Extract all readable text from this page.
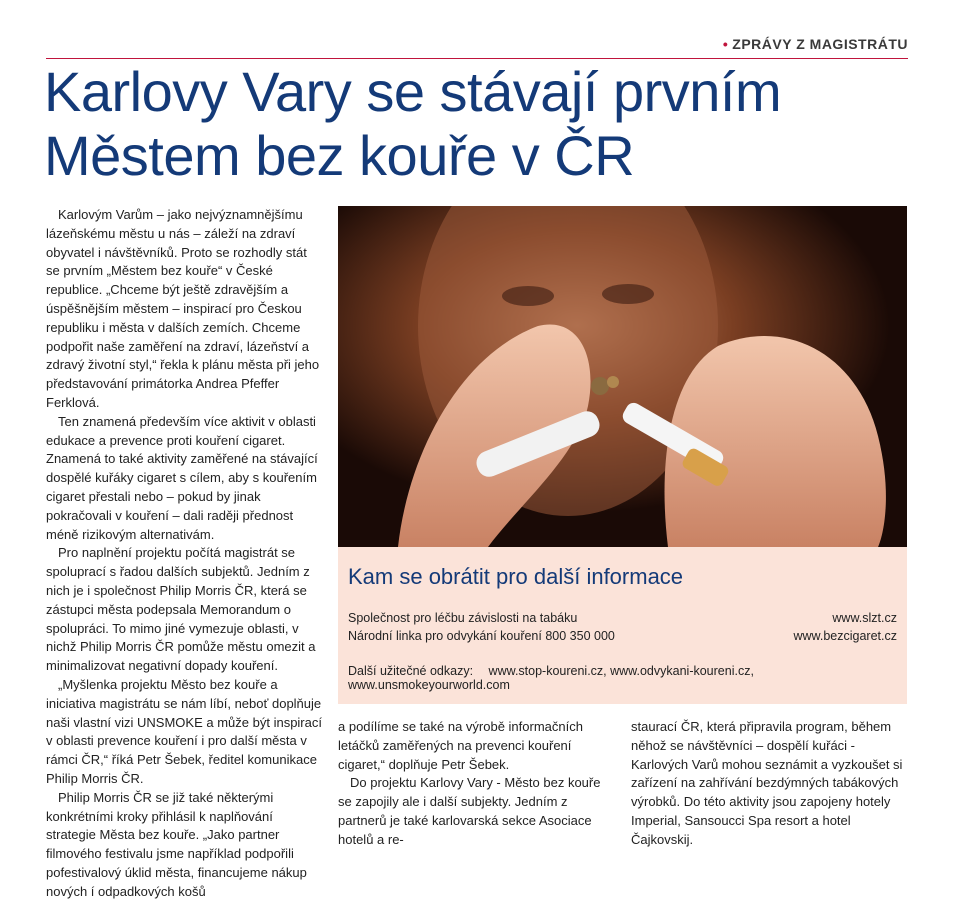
• ZPRÁVY Z MAGISTRÁTU
Karlovy Vary se stávají prvním Městem bez kouře v ČR

Karlovým Varům – jako nejvýznamnějšímu lázeňskému městu u nás – záleží na zdraví obyvatel i návštěvníků. Proto se rozhodly stát se prvním „Městem bez kouře“ v České republice. „Chceme být ještě zdravějším a úspěšnějším městem – inspirací pro Českou republiku i města v dalších zemích. Chceme podpořit naše zaměření na zdraví, lázeňství a zdravý životní styl,“ řekla k plánu města při jeho představování primátorka Andrea Pfeffer Ferklová.

Ten znamená především více aktivit v oblasti edukace a prevence proti kouření cigaret. Znamená to také aktivity zaměřené na stávající dospělé kuřáky cigaret s cílem, aby s kouřením cigaret přestali nebo – pokud by jinak pokračovali v kouření – dali raději přednost méně rizikovým alternativám.

Pro naplnění projektu počítá magistrát se spoluprací s řadou dalších subjektů. Jedním z nich je i společnost Philip Morris ČR, která se zástupci města podepsala Memorandum o spolupráci. To mimo jiné vymezuje oblasti, v nichž Philip Morris ČR pomůže městu omezit a minimalizovat negativní dopady kouření.

„Myšlenka projektu Město bez kouře a iniciativa magistrátu se nám líbí, neboť doplňuje naši vlastní vizi UNSMOKE a může být inspirací v oblasti prevence kouření i pro další města v rámci ČR,“ říká Petr Šebek, ředitel komunikace Philip Morris ČR.

Philip Morris ČR se již také některými konkrétními kroky přihlásil k naplňování strategie Města bez kouře. „Jako partner filmového festivalu jsme například podpořili pofestivalový úklid města, financujeme nákup nových í odpadkových košů

Kam se obrátit pro další informace
Společnost pro léčbu závislosti na tabáku	www.slzt.cz
Národní linka pro odvykání kouření 800 350 000	www.bezcigaret.cz
Další užitečné odkazy: www.stop-koureni.cz, www.odvykani-koureni.cz, www.unsmokeyourworld.com

a podílíme se také na výrobě informačních letáčků zaměřených na prevenci kouření cigaret,“ doplňuje Petr Šebek.

Do projektu Karlovy Vary - Město bez kouře se zapojily ale i další subjekty. Jedním z partnerů je také karlovarská sekce Asociace hotelů a re-

staurací ČR, která připravila program, během něhož se návštěvníci – dospělí kuřáci - Karlových Varů mohou seznámit a vyzkoušet si zařízení na zahřívání bezdýmných tabákových výrobků. Do této aktivity jsou zapojeny hotely Imperial, Sansoucci Spa resort a hotel Čajkovskij.
